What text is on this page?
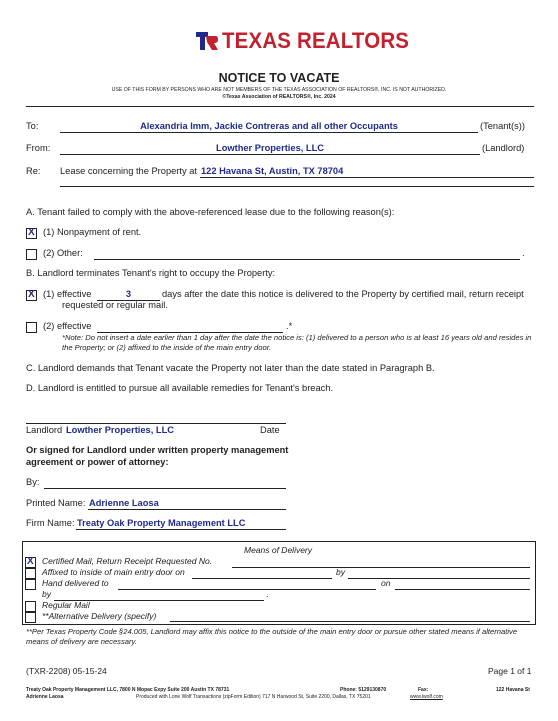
TEXAS REALTORS
NOTICE TO VACATE
USE OF THIS FORM BY PERSONS WHO ARE NOT MEMBERS OF THE TEXAS ASSOCIATION OF REALTORS®, INC. IS NOT AUTHORIZED.
©Texas Association of REALTORS®, Inc. 2024
To:	Alexandria Imm, Jackie Contreras and all other Occupants	(Tenant(s))
From:	Lowther Properties, LLC	(Landlord)
Re: Lease concerning the Property at 122 Havana St, Austin, TX 78704
A. Tenant failed to comply with the above-referenced lease due to the following reason(s):
X
(1) Nonpayment of rent.
(2) Other:	.
B. Landlord terminates Tenant's right to occupy the Property:
X
(1) effective	3	days after the date this notice is delivered to the Property by certified mail, return receipt
requested or regular mail.
(2) effective	.*
*Note: Do not insert a date earlier than 1 day after the date the notice is: (1) delivered to a person who is at least 16 years old and resides in the Property; or (2) affixed to the inside of the main entry door.
C. Landlord demands that Tenant vacate the Property not later than the date stated in Paragraph B.
D. Landlord is entitled to pursue all available remedies for Tenant's breach.
Landlord Lowther Properties, LLC	Date
Or signed for Landlord under written property management agreement or power of attorney:
By:
Printed Name: Adrienne Laosa
Firm Name: Treaty Oak Property Management LLC
Means of Delivery
X
Certified Mail, Return Receipt Requested No.
Affixed to inside of main entry door on	by
Hand delivered to	on
by	.
Regular Mail
**Alternative Delivery (specify)
**Per Texas Property Code §24.005, Landlord may affix this notice to the outside of the main entry door or pursue other stated means if alternative means of delivery are necessary.
(TXR-2208) 05-15-24	Page 1 of 1
Treaty Oak Property Management LLC, 7800 N Mopac Expy Suite 200 Austin TX 78731	Phone: 5129130870	Fax:	122 Havana St
Adrienne Laosa	Produced with Lone Wolf Transactions (zipForm Edition) 717 N Harwood St, Suite 2200, Dallas, TX 75201	www.lwolf.com
